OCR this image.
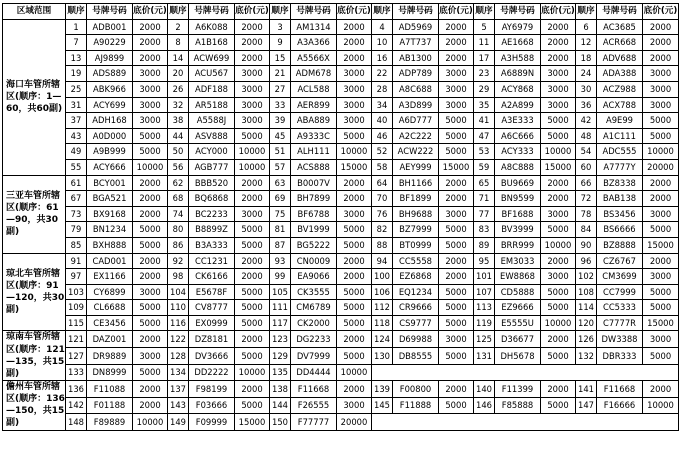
区域范围	顺序	号牌号码	底价(元)	顺序	号牌号码	底价(元)	顺序	号牌号码	底价(元)	顺序	号牌号码	底价(元)	顺序	号牌号码	底价(元)	顺序	号牌号码	底价(元)
海口车管所辖区(顺序：1—60，共60副)	1	ADB001	2000	2	A6K088	2000	3	AM1314	2000	4	AD5969	2000	5	AY6979	2000	6	AC3685	2000
	7	A90229	2000	8	A1B168	2000	9	A3A366	2000	10	A7T737	2000	11	AE1668	2000	12	ACR668	2000
	13	AJ9899	2000	14	ACW699	2000	15	A5566X	2000	16	AB1300	2000	17	A3H588	2000	18	ADV688	2000
	19	ADS889	3000	20	ACU567	3000	21	ADM678	3000	22	ADP789	3000	23	A6889N	3000	24	ADA388	3000
	25	ABK966	3000	26	ADF188	3000	27	ACL588	3000	28	A8C688	3000	29	ACY868	3000	30	ACZ988	3000
	31	ACY699	3000	32	AR5188	3000	33	AER899	3000	34	A3D899	3000	35	A2A899	3000	36	ACX788	3000
	37	ADH168	3000	38	A5588J	3000	39	ABA889	3000	40	A6D777	5000	41	A3E333	5000	42	A9E99	5000
	43	A0D000	5000	44	ASV888	5000	45	A9333C	5000	46	A2C222	5000	47	A6C666	5000	48	A1C111	5000
	49	A9B999	5000	50	ACY000	10000	51	ALH111	10000	52	ACW222	5000	53	ACY333	10000	54	ADC555	10000
	55	ACY666	10000	56	AGB777	10000	57	ACS888	15000	58	AEY999	15000	59	A8C888	15000	60	A7777Y	20000
三亚车管所辖区(顺序：61—90，共30副)	61	BCY001	2000	62	BBB520	2000	63	B0007V	2000	64	BH1166	2000	65	BU9669	2000	66	BZ8338	2000
	67	BGA521	2000	68	BQ6868	2000	69	BH7899	2000	70	BF1899	2000	71	BN9599	2000	72	BAB138	2000
	73	BX9168	2000	74	BC2233	3000	75	BF6788	3000	76	BH9688	3000	77	BF1688	3000	78	BS3456	3000
	79	BN1234	5000	80	B8899Z	5000	81	BV1999	5000	82	BZ7999	5000	83	BV3999	5000	84	BS6666	5000
	85	BXH888	5000	86	B3A333	5000	87	BG5222	5000	88	BT0999	5000	89	BRR999	10000	90	BZ8888	15000
琼北车管所辖区(顺序：91—120，共30副)	91	CAD001	2000	92	CC1231	2000	93	CN0009	2000	94	CC5558	2000	95	EM3033	2000	96	CZ6767	2000
	97	EX1166	2000	98	CK6166	2000	99	EA9066	2000	100	EZ6868	2000	101	EW8868	3000	102	CM3699	3000
	103	CY6899	3000	104	E5678F	5000	105	CK3555	5000	106	EQ1234	5000	107	CD5888	5000	108	CC7999	5000
	109	CL6688	5000	110	CV8777	5000	111	CM6789	5000	112	CR9666	5000	113	EZ9666	5000	114	CC5333	5000
	115	CE3456	5000	116	EX0999	5000	117	CK2000	5000	118	CS9777	5000	119	E5555U	10000	120	C7777R	15000
琼南车管所辖区(顺序：121—135，共15副)	121	DAZ001	2000	122	DZ8181	2000	123	DG2233	2000	124	D69988	3000	125	D36677	2000	126	DW3388	3000
	127	DR9889	3000	128	DV3666	5000	129	DV7999	5000	130	DB8555	5000	131	DH5678	5000	132	DBR333	5000
	133	DN8999	5000	134	DD2222	10000	135	DD4444	10000									
儋州车管所辖区(顺序：136—150，共15副)	136	F11088	2000	137	F98199	2000	138	F11668	2000	139	F00800	2000	140	F11399	2000	141	F11668	2000
	142	F01188	2000	143	F03666	5000	144	F26555	3000	145	F11888	5000	146	F85888	5000	147	F16666	10000
	148	F89889	10000	149	F09999	15000	150	F77777	20000									
